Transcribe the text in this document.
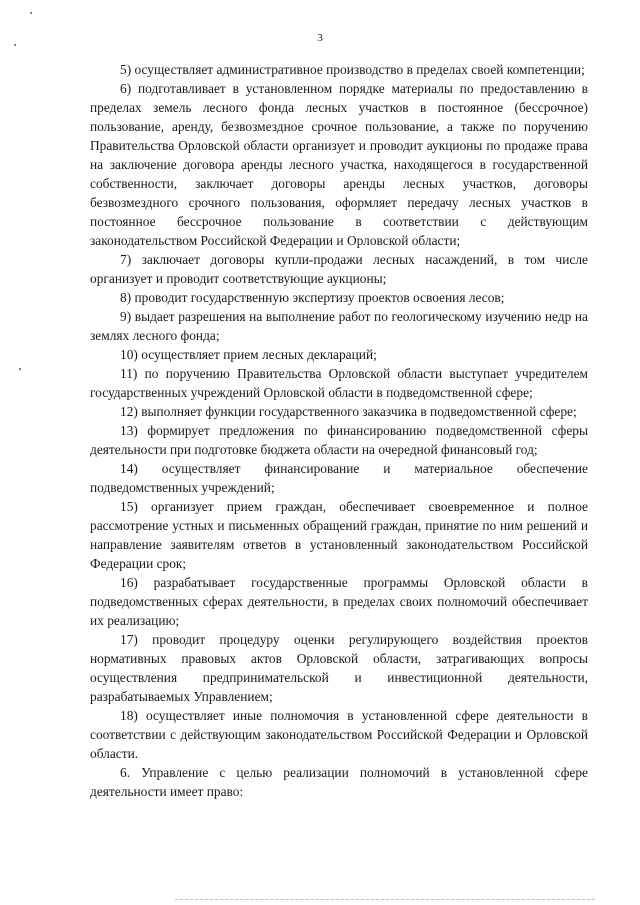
3

5) осуществляет административное производство в пределах своей компетенции;

6) подготавливает в установленном порядке материалы по предоставлению в пределах земель лесного фонда лесных участков в постоянное (бессрочное) пользование, аренду, безвозмездное срочное пользование, а также по поручению Правительства Орловской области организует и проводит аукционы по продаже права на заключение договора аренды лесного участка, находящегося в государственной собственности, заключает договоры аренды лесных участков, договоры безвозмездного срочного пользования, оформляет передачу лесных участков в постоянное бессрочное пользование в соответствии с действующим законодательством Российской Федерации и Орловской области;

7) заключает договоры купли-продажи лесных насаждений, в том числе организует и проводит соответствующие аукционы;

8) проводит государственную экспертизу проектов освоения лесов;

9) выдает разрешения на выполнение работ по геологическому изучению недр на землях лесного фонда;

10) осуществляет прием лесных деклараций;

11) по поручению Правительства Орловской области выступает учредителем государственных учреждений Орловской области в подведомственной сфере;

12) выполняет функции государственного заказчика в подведомственной сфере;

13) формирует предложения по финансированию подведомственной сферы деятельности при подготовке бюджета области на очередной финансовый год;

14) осуществляет финансирование и материальное обеспечение подведомственных учреждений;

15) организует прием граждан, обеспечивает своевременное и полное рассмотрение устных и письменных обращений граждан, принятие по ним решений и направление заявителям ответов в установленный законодательством Российской Федерации срок;

16) разрабатывает государственные программы Орловской области в подведомственных сферах деятельности, в пределах своих полномочий обеспечивает их реализацию;

17) проводит процедуру оценки регулирующего воздействия проектов нормативных правовых актов Орловской области, затрагивающих вопросы осуществления предпринимательской и инвестиционной деятельности, разрабатываемых Управлением;

18) осуществляет иные полномочия в установленной сфере деятельности в соответствии с действующим законодательством Российской Федерации и Орловской области.

6. Управление с целью реализации полномочий в установленной сфере деятельности имеет право:
